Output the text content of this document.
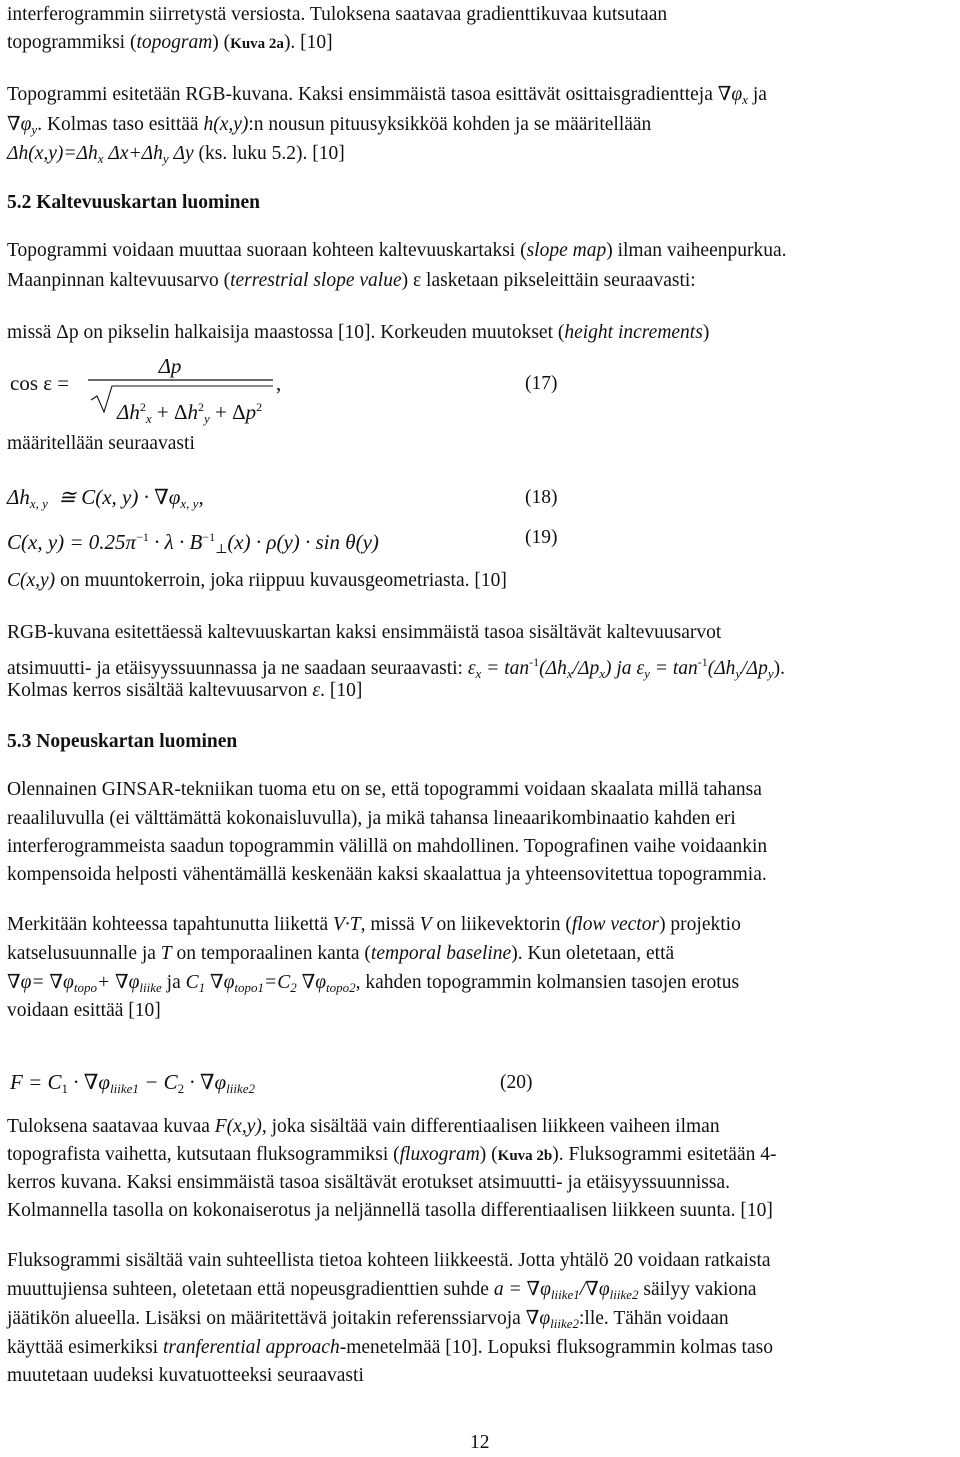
interferogrammin siirretystä versiosta. Tuloksena saatavaa gradienttikuvaa kutsutaan
topogrammiksi (topogram) (Kuva 2a). [10]
Topogrammi esitetään RGB-kuvana. Kaksi ensimmäistä tasoa esittävät osittaisgradientteja $\nabla\varphi_x$ ja
$\nabla\varphi_y$. Kolmas taso esittää h(x,y):n nousun pituusyksikköä kohden ja se määritellään
$\Delta h(x,y)=\Delta h_x$ $\Delta x+\Delta h_y$ Δy (ks. luku 5.2). [10]
5.2 Kaltevuuskartan luominen
Topogrammi voidaan muuttaa suoraan kohteen kaltevuuskartaksi (slope map) ilman vaiheenpurkua.
Maanpinnan kaltevuusarvo (terrestrial slope value) ε lasketaan pikseleittäin seuraavasti:
missä Δp on pikselin halkaisija maastossa [10]. Korkeuden muutokset (height increments)
cos ε =
Δp
$\Delta h^2_x + \Delta h^2_y + \Delta p^2$
,	(17)
määritellään seuraavasti
$\Delta h_{x, y}$ ≅ C(x, $y) \cdot \nabla\varphi_{x, y}$,	(18)
C(x, $y) = 0.25\pi^{-1} \cdot \lambda \cdot B^{-1}_\perp(x) \cdot \rho(y) \cdot \sin \theta(y)$	(19)
C(x,y) on muuntokerroin, joka riippuu kuvausgeometriasta. [10]
RGB-kuvana esitettäessä kaltevuuskartan kaksi ensimmäistä tasoa sisältävät kaltevuusarvot
atsimuutti- ja etäisyyssuunnassa ja ne saadaan seuraavasti: $\varepsilon_x = \tan^{-1}(\Delta h_x/\Delta p_x)$ ja $\varepsilon_y = \tan^{-1}(\Delta h_y/\Delta p_y)$.
Kolmas kerros sisältää kaltevuusarvon ε. [10]
5.3 Nopeuskartan luominen
Olennainen GINSAR-tekniikan tuoma etu on se, että topogrammi voidaan skaalata millä tahansa
reaaliluvulla (ei välttämättä kokonaisluvulla), ja mikä tahansa lineaarikombinaatio kahden eri
interferogrammeista saadun topogrammin välillä on mahdollinen. Topografinen vaihe voidaankin
kompensoida helposti vähentämällä keskenään kaksi skaalattua ja yhteensovitettua topogrammia.
Merkitään kohteessa tapahtunutta liikettä V·T, missä V on liikevektorin (flow vector) projektio
katselusuunnalle ja T on temporaalinen kanta (temporal baseline). Kun oletetaan, että
$\nabla\varphi= \nabla\varphi_{topo}+ \nabla\varphi_{liike}$ ja $C_1$ $\nabla\varphi_{topo1}=C_2$ $\nabla\varphi_{topo2}$, kahden topogrammin kolmansien tasojen erotus
voidaan esittää [10]
$F = C_1 \cdot \nabla\varphi_{liike1} - C_2 \cdot \nabla\varphi_{liike2}$	(20)
Tuloksena saatavaa kuvaa F(x,y), joka sisältää vain differentiaalisen liikkeen vaiheen ilman
topografista vaihetta, kutsutaan fluksogrammiksi (fluxogram) (Kuva 2b). Fluksogrammi esitetään 4-
kerros kuvana. Kaksi ensimmäistä tasoa sisältävät erotukset atsimuutti- ja etäisyyssuunnissa.
Kolmannella tasolla on kokonaiserotus ja neljännellä tasolla differentiaalisen liikkeen suunta. [10]
Fluksogrammi sisältää vain suhteellista tietoa kohteen liikkeestä. Jotta yhtälö 20 voidaan ratkaista
muuttujiensa suhteen, oletetaan että nopeusgradienttien suhde $a = \nabla\varphi_{liike1}/\nabla\varphi_{liike2}$ säilyy vakiona
jäätikön alueella. Lisäksi on määritettävä joitakin referenssiarvoja $\nabla\varphi_{liike2}:lle$. Tähän voidaan
käyttää esimerkiksi tranferential approach-menetelmää [10]. Lopuksi fluksogrammin kolmas taso
muutetaan uudeksi kuvatuotteeksi seuraavasti
12
